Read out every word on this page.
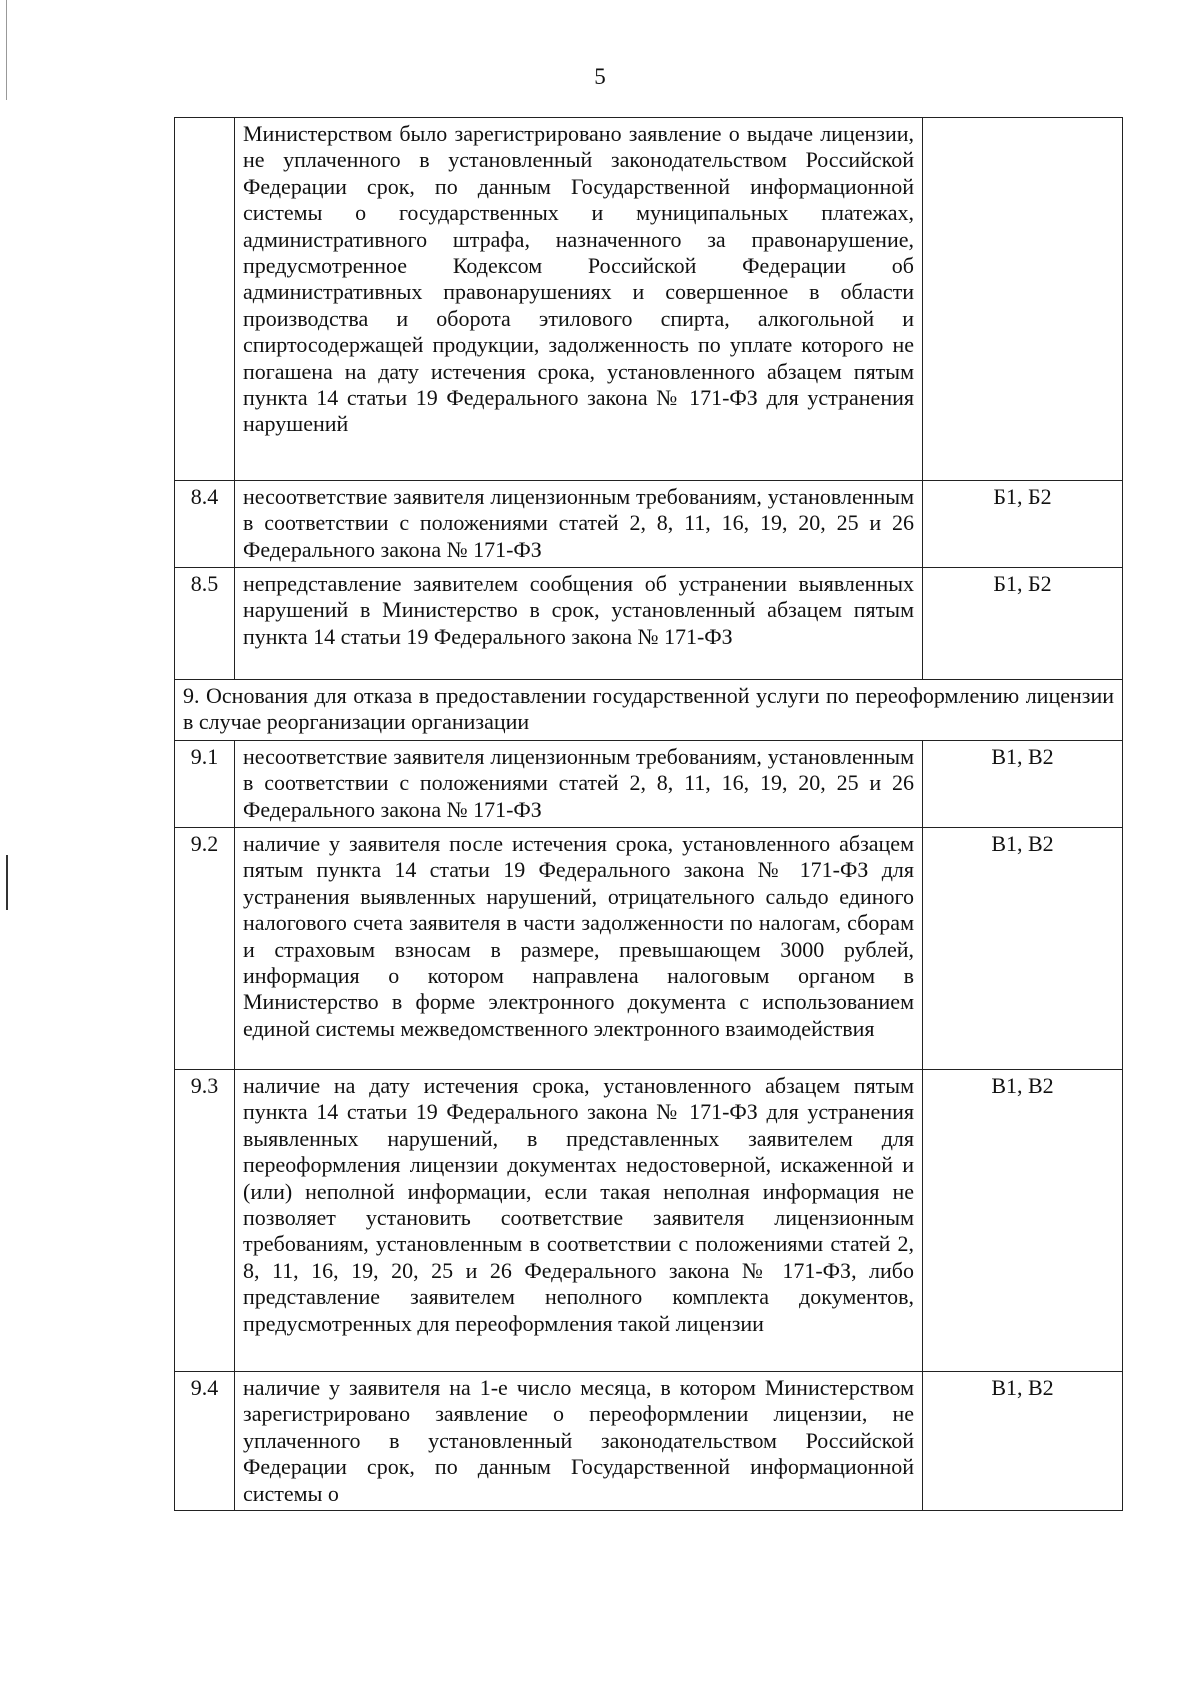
5
	Министерством было зарегистрировано заявление о выдаче лицензии, не уплаченного в установленный законодательством Российской Федерации срок, по данным Государственной информационной системы о государственных и муниципальных платежах, административного штрафа, назначенного за правонарушение, предусмотренное Кодексом Российской Федерации об административных правонарушениях и совершенное в области производства и оборота этилового спирта, алкогольной и спиртосодержащей продукции, задолженность по уплате которого не погашена на дату истечения срока, установленного абзацем пятым пункта 14 статьи 19 Федерального закона № 171-ФЗ для устранения нарушений	
8.4	несоответствие заявителя лицензионным требованиям, установленным в соответствии с положениями статей 2, 8, 11, 16, 19, 20, 25 и 26 Федерального закона № 171-ФЗ	Б1, Б2
8.5	непредставление заявителем сообщения об устранении выявленных нарушений в Министерство в срок, установленный абзацем пятым пункта 14 статьи 19 Федерального закона № 171-ФЗ	Б1, Б2
9. Основания для отказа в предоставлении государственной услуги по переоформлению лицензии в случае реорганизации организации		
9.1	несоответствие заявителя лицензионным требованиям, установленным в соответствии с положениями статей 2, 8, 11, 16, 19, 20, 25 и 26 Федерального закона № 171-ФЗ	В1, В2
9.2	наличие у заявителя после истечения срока, установленного абзацем пятым пункта 14 статьи 19 Федерального закона № 171-ФЗ для устранения выявленных нарушений, отрицательного сальдо единого налогового счета заявителя в части задолженности по налогам, сборам и страховым взносам в размере, превышающем 3000 рублей, информация о котором направлена налоговым органом в Министерство в форме электронного документа с использованием единой системы межведомственного электронного взаимодействия	В1, В2
9.3	наличие на дату истечения срока, установленного абзацем пятым пункта 14 статьи 19 Федерального закона № 171-ФЗ для устранения выявленных нарушений, в представленных заявителем для переоформления лицензии документах недостоверной, искаженной и (или) неполной информации, если такая неполная информация не позволяет установить соответствие заявителя лицензионным требованиям, установленным в соответствии с положениями статей 2, 8, 11, 16, 19, 20, 25 и 26 Федерального закона № 171-ФЗ, либо представление заявителем неполного комплекта документов, предусмотренных для переоформления такой лицензии	В1, В2
9.4	наличие у заявителя на 1-е число месяца, в котором Министерством зарегистрировано заявление о переоформлении лицензии, не уплаченного в установленный законодательством Российской Федерации срок, по данным Государственной информационной системы о	В1, В2
